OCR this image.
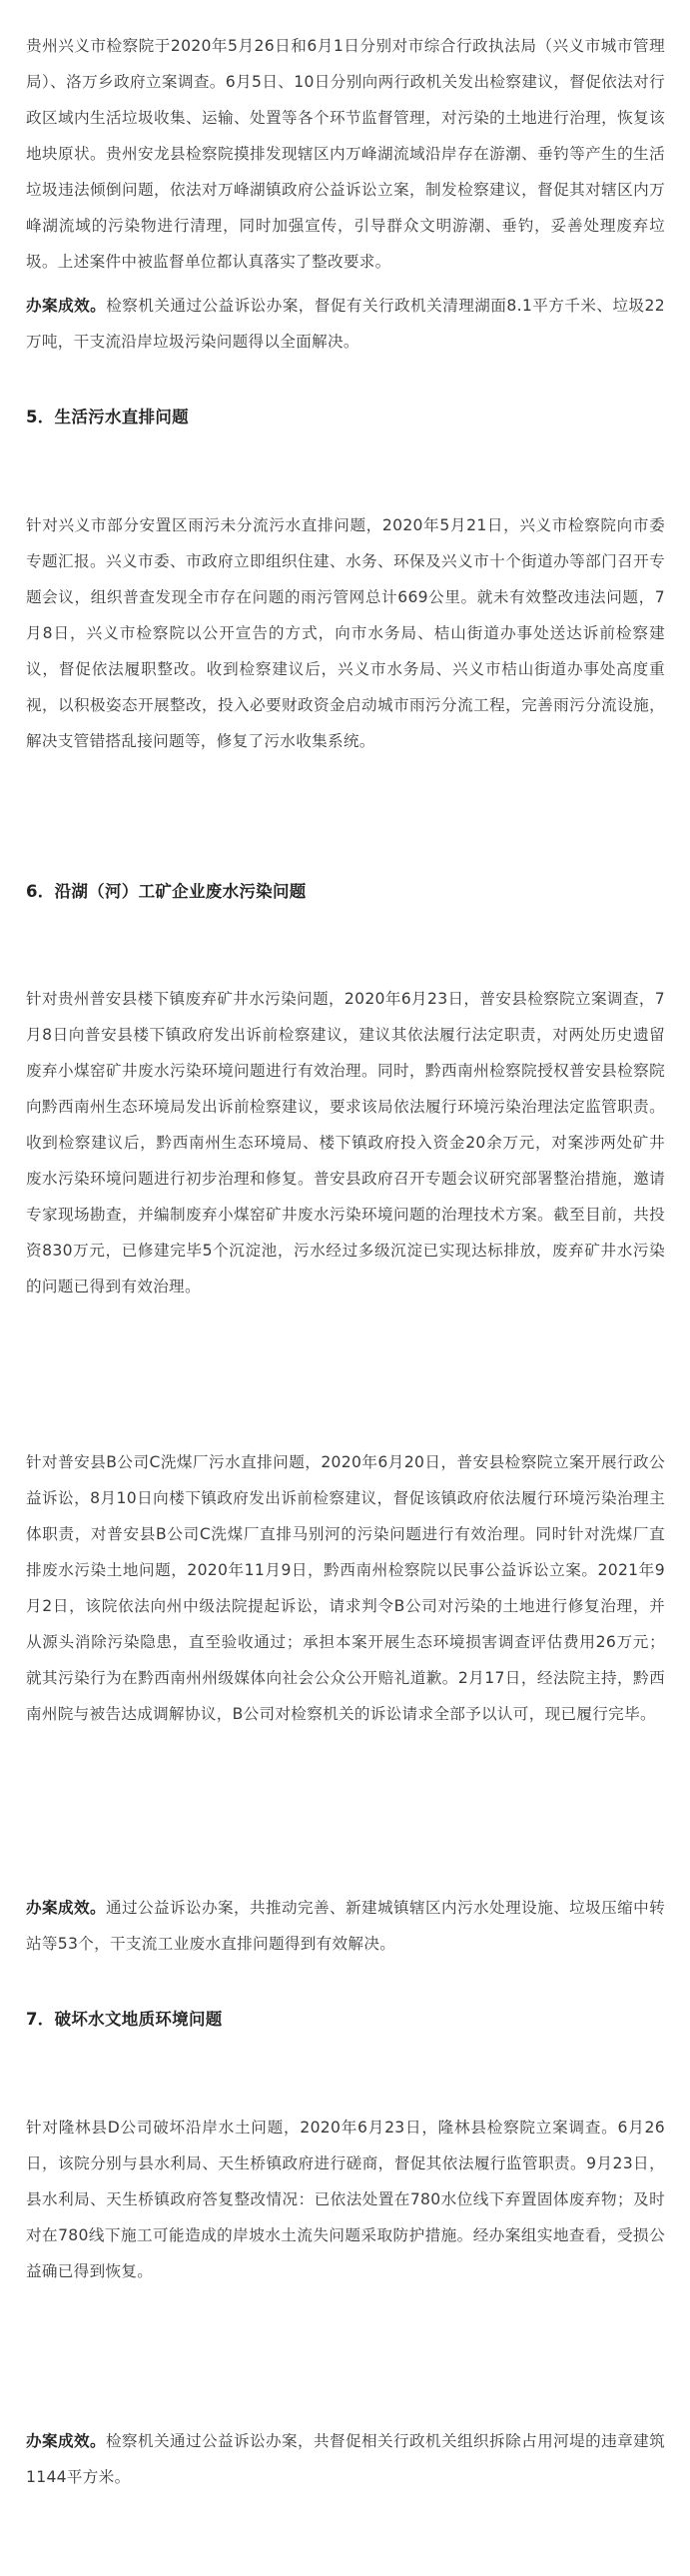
贵州兴义市检察院于2020年5月26日和6月1日分别对市综合行政执法局（兴义市城市管理局）、洛万乡政府立案调查。6月5日、10日分别向两行政机关发出检察建议，督促依法对行政区域内生活垃圾收集、运输、处置等各个环节监督管理，对污染的土地进行治理，恢复该地块原状。贵州安龙县检察院摸排发现辖区内万峰湖流域沿岸存在游潮、垂钓等产生的生活垃圾违法倾倒问题，依法对万峰湖镇政府公益诉讼立案，制发检察建议，督促其对辖区内万峰湖流域的污染物进行清理，同时加强宣传，引导群众文明游潮、垂钓，妥善处理废弃垃圾。上述案件中被监督单位都认真落实了整改要求。

办案成效。检察机关通过公益诉讼办案，督促有关行政机关清理湖面8.1平方千米、垃圾22万吨，干支流沿岸垃圾污染问题得以全面解决。

5．生活污水直排问题

针对兴义市部分安置区雨污未分流污水直排问题，2020年5月21日，兴义市检察院向市委专题汇报。兴义市委、市政府立即组织住建、水务、环保及兴义市十个街道办等部门召开专题会议，组织普查发现全市存在问题的雨污管网总计669公里。就未有效整改违法问题，7月8日，兴义市检察院以公开宣告的方式，向市水务局、桔山街道办事处送达诉前检察建议，督促依法履职整改。收到检察建议后，兴义市水务局、兴义市桔山街道办事处高度重视，以积极姿态开展整改，投入必要财政资金启动城市雨污分流工程，完善雨污分流设施，解决支管错搭乱接问题等，修复了污水收集系统。

6．沿湖（河）工矿企业废水污染问题

针对贵州普安县楼下镇废弃矿井水污染问题，2020年6月23日，普安县检察院立案调查，7月8日向普安县楼下镇政府发出诉前检察建议，建议其依法履行法定职责，对两处历史遗留废弃小煤窑矿井废水污染环境问题进行有效治理。同时，黔西南州检察院授权普安县检察院向黔西南州生态环境局发出诉前检察建议，要求该局依法履行环境污染治理法定监管职责。收到检察建议后，黔西南州生态环境局、楼下镇政府投入资金20余万元，对案涉两处矿井废水污染环境问题进行初步治理和修复。普安县政府召开专题会议研究部署整治措施，邀请专家现场勘查，并编制废弃小煤窑矿井废水污染环境问题的治理技术方案。截至目前，共投资830万元，已修建完毕5个沉淀池，污水经过多级沉淀已实现达标排放，废弃矿井水污染的问题已得到有效治理。

针对普安县B公司C洗煤厂污水直排问题，2020年6月20日，普安县检察院立案开展行政公益诉讼，8月10日向楼下镇政府发出诉前检察建议，督促该镇政府依法履行环境污染治理主体职责，对普安县B公司C洗煤厂直排马别河的污染问题进行有效治理。同时针对洗煤厂直排废水污染土地问题，2020年11月9日，黔西南州检察院以民事公益诉讼立案。2021年9月2日，该院依法向州中级法院提起诉讼，请求判令B公司对污染的土地进行修复治理，并从源头消除污染隐患，直至验收通过；承担本案开展生态环境损害调查评估费用26万元；就其污染行为在黔西南州州级媒体向社会公众公开赔礼道歉。2月17日，经法院主持，黔西南州院与被告达成调解协议，B公司对检察机关的诉讼请求全部予以认可，现已履行完毕。

办案成效。通过公益诉讼办案，共推动完善、新建城镇辖区内污水处理设施、垃圾压缩中转站等53个，干支流工业废水直排问题得到有效解决。

7．破坏水文地质环境问题

针对隆林县D公司破坏沿岸水土问题，2020年6月23日，隆林县检察院立案调查。6月26日，该院分别与县水利局、天生桥镇政府进行磋商，督促其依法履行监管职责。9月23日，县水利局、天生桥镇政府答复整改情况：已依法处置在780水位线下弃置固体废弃物；及时对在780线下施工可能造成的岸坡水土流失问题采取防护措施。经办案组实地查看，受损公益确已得到恢复。

办案成效。检察机关通过公益诉讼办案，共督促相关行政机关组织拆除占用河堤的违章建筑1144平方米。
